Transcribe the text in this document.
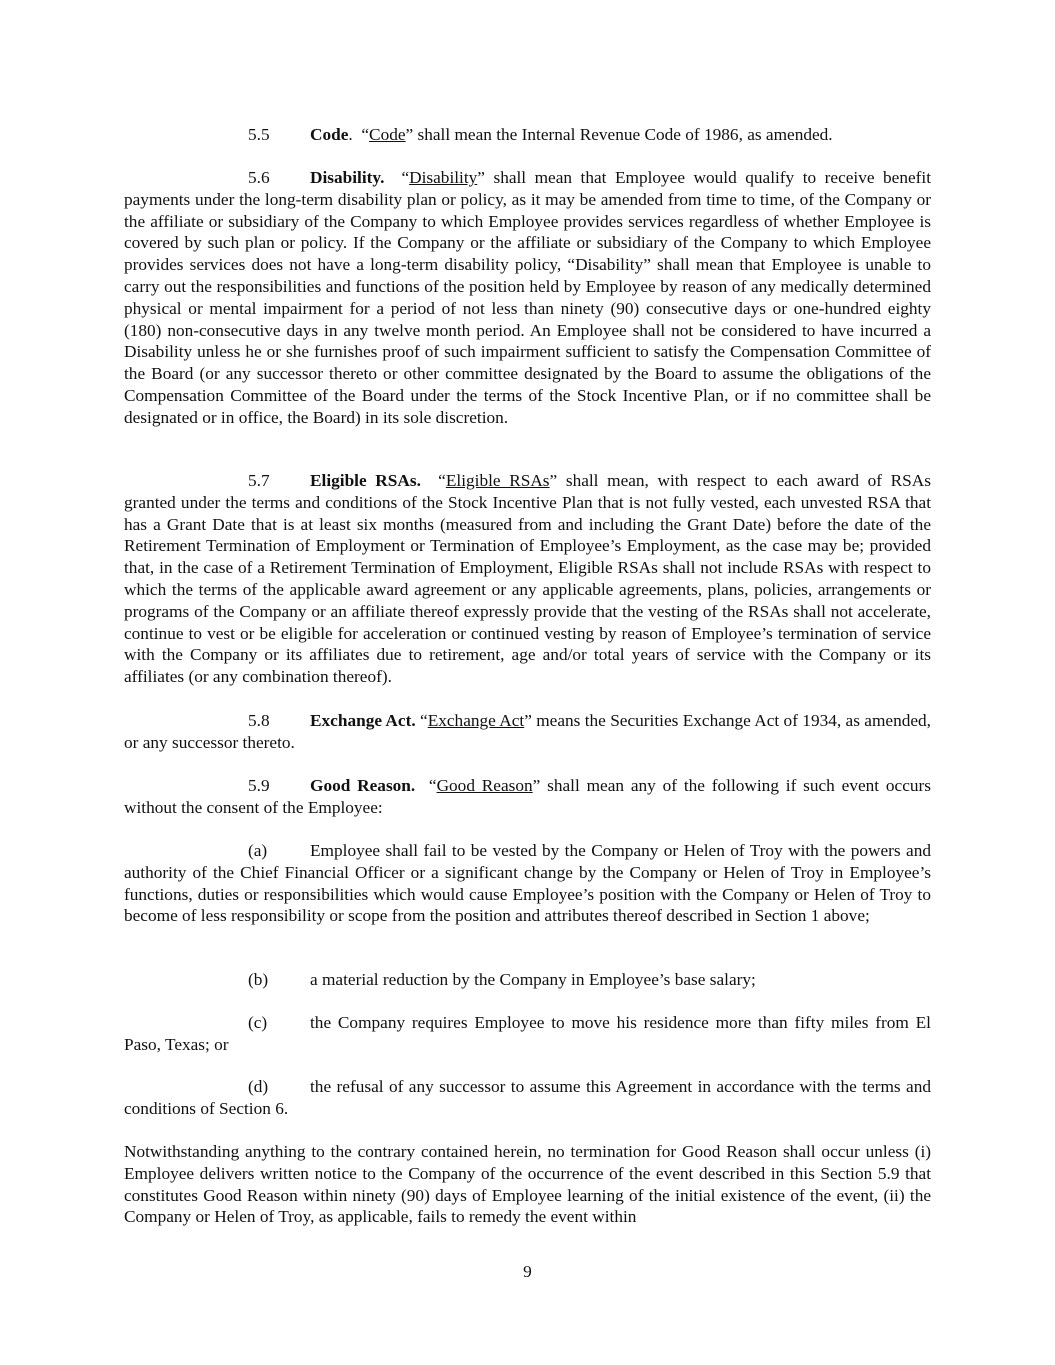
5.5 Code.  “Code” shall mean the Internal Revenue Code of 1986, as amended.

5.6 Disability.  “Disability” shall mean that Employee would qualify to receive benefit payments under the long-term disability plan or policy, as it may be amended from time to time, of the Company or the affiliate or subsidiary of the Company to which Employee provides services regardless of whether Employee is covered by such plan or policy. If the Company or the affiliate or subsidiary of the Company to which Employee provides services does not have a long-term disability policy, “Disability” shall mean that Employee is unable to carry out the responsibilities and functions of the position held by Employee by reason of any medically determined physical or mental impairment for a period of not less than ninety (90) consecutive days or one-hundred eighty (180) non-consecutive days in any twelve month period. An Employee shall not be considered to have incurred a Disability unless he or she furnishes proof of such impairment sufficient to satisfy the Compensation Committee of the Board (or any successor thereto or other committee designated by the Board to assume the obligations of the Compensation Committee of the Board under the terms of the Stock Incentive Plan, or if no committee shall be designated or in office, the Board) in its sole discretion.

5.7 Eligible RSAs.  “Eligible RSAs” shall mean, with respect to each award of RSAs granted under the terms and conditions of the Stock Incentive Plan that is not fully vested, each unvested RSA that has a Grant Date that is at least six months (measured from and including the Grant Date) before the date of the Retirement Termination of Employment or Termination of Employee’s Employment, as the case may be; provided that, in the case of a Retirement Termination of Employment, Eligible RSAs shall not include RSAs with respect to which the terms of the applicable award agreement or any applicable agreements, plans, policies, arrangements or programs of the Company or an affiliate thereof expressly provide that the vesting of the RSAs shall not accelerate, continue to vest or be eligible for acceleration or continued vesting by reason of Employee’s termination of service with the Company or its affiliates due to retirement, age and/or total years of service with the Company or its affiliates (or any combination thereof).

5.8 Exchange Act. “Exchange Act” means the Securities Exchange Act of 1934, as amended, or any successor thereto.

5.9 Good Reason.  “Good Reason” shall mean any of the following if such event occurs without the consent of the Employee:

(a) Employee shall fail to be vested by the Company or Helen of Troy with the powers and authority of the Chief Financial Officer or a significant change by the Company or Helen of Troy in Employee’s functions, duties or responsibilities which would cause Employee’s position with the Company or Helen of Troy to become of less responsibility or scope from the position and attributes thereof described in Section 1 above;

(b) a material reduction by the Company in Employee’s base salary;

(c) the Company requires Employee to move his residence more than fifty miles from El Paso, Texas; or

(d) the refusal of any successor to assume this Agreement in accordance with the terms and conditions of Section 6.

Notwithstanding anything to the contrary contained herein, no termination for Good Reason shall occur unless (i) Employee delivers written notice to the Company of the occurrence of the event described in this Section 5.9 that constitutes Good Reason within ninety (90) days of Employee learning of the initial existence of the event, (ii) the Company or Helen of Troy, as applicable, fails to remedy the event within

9
